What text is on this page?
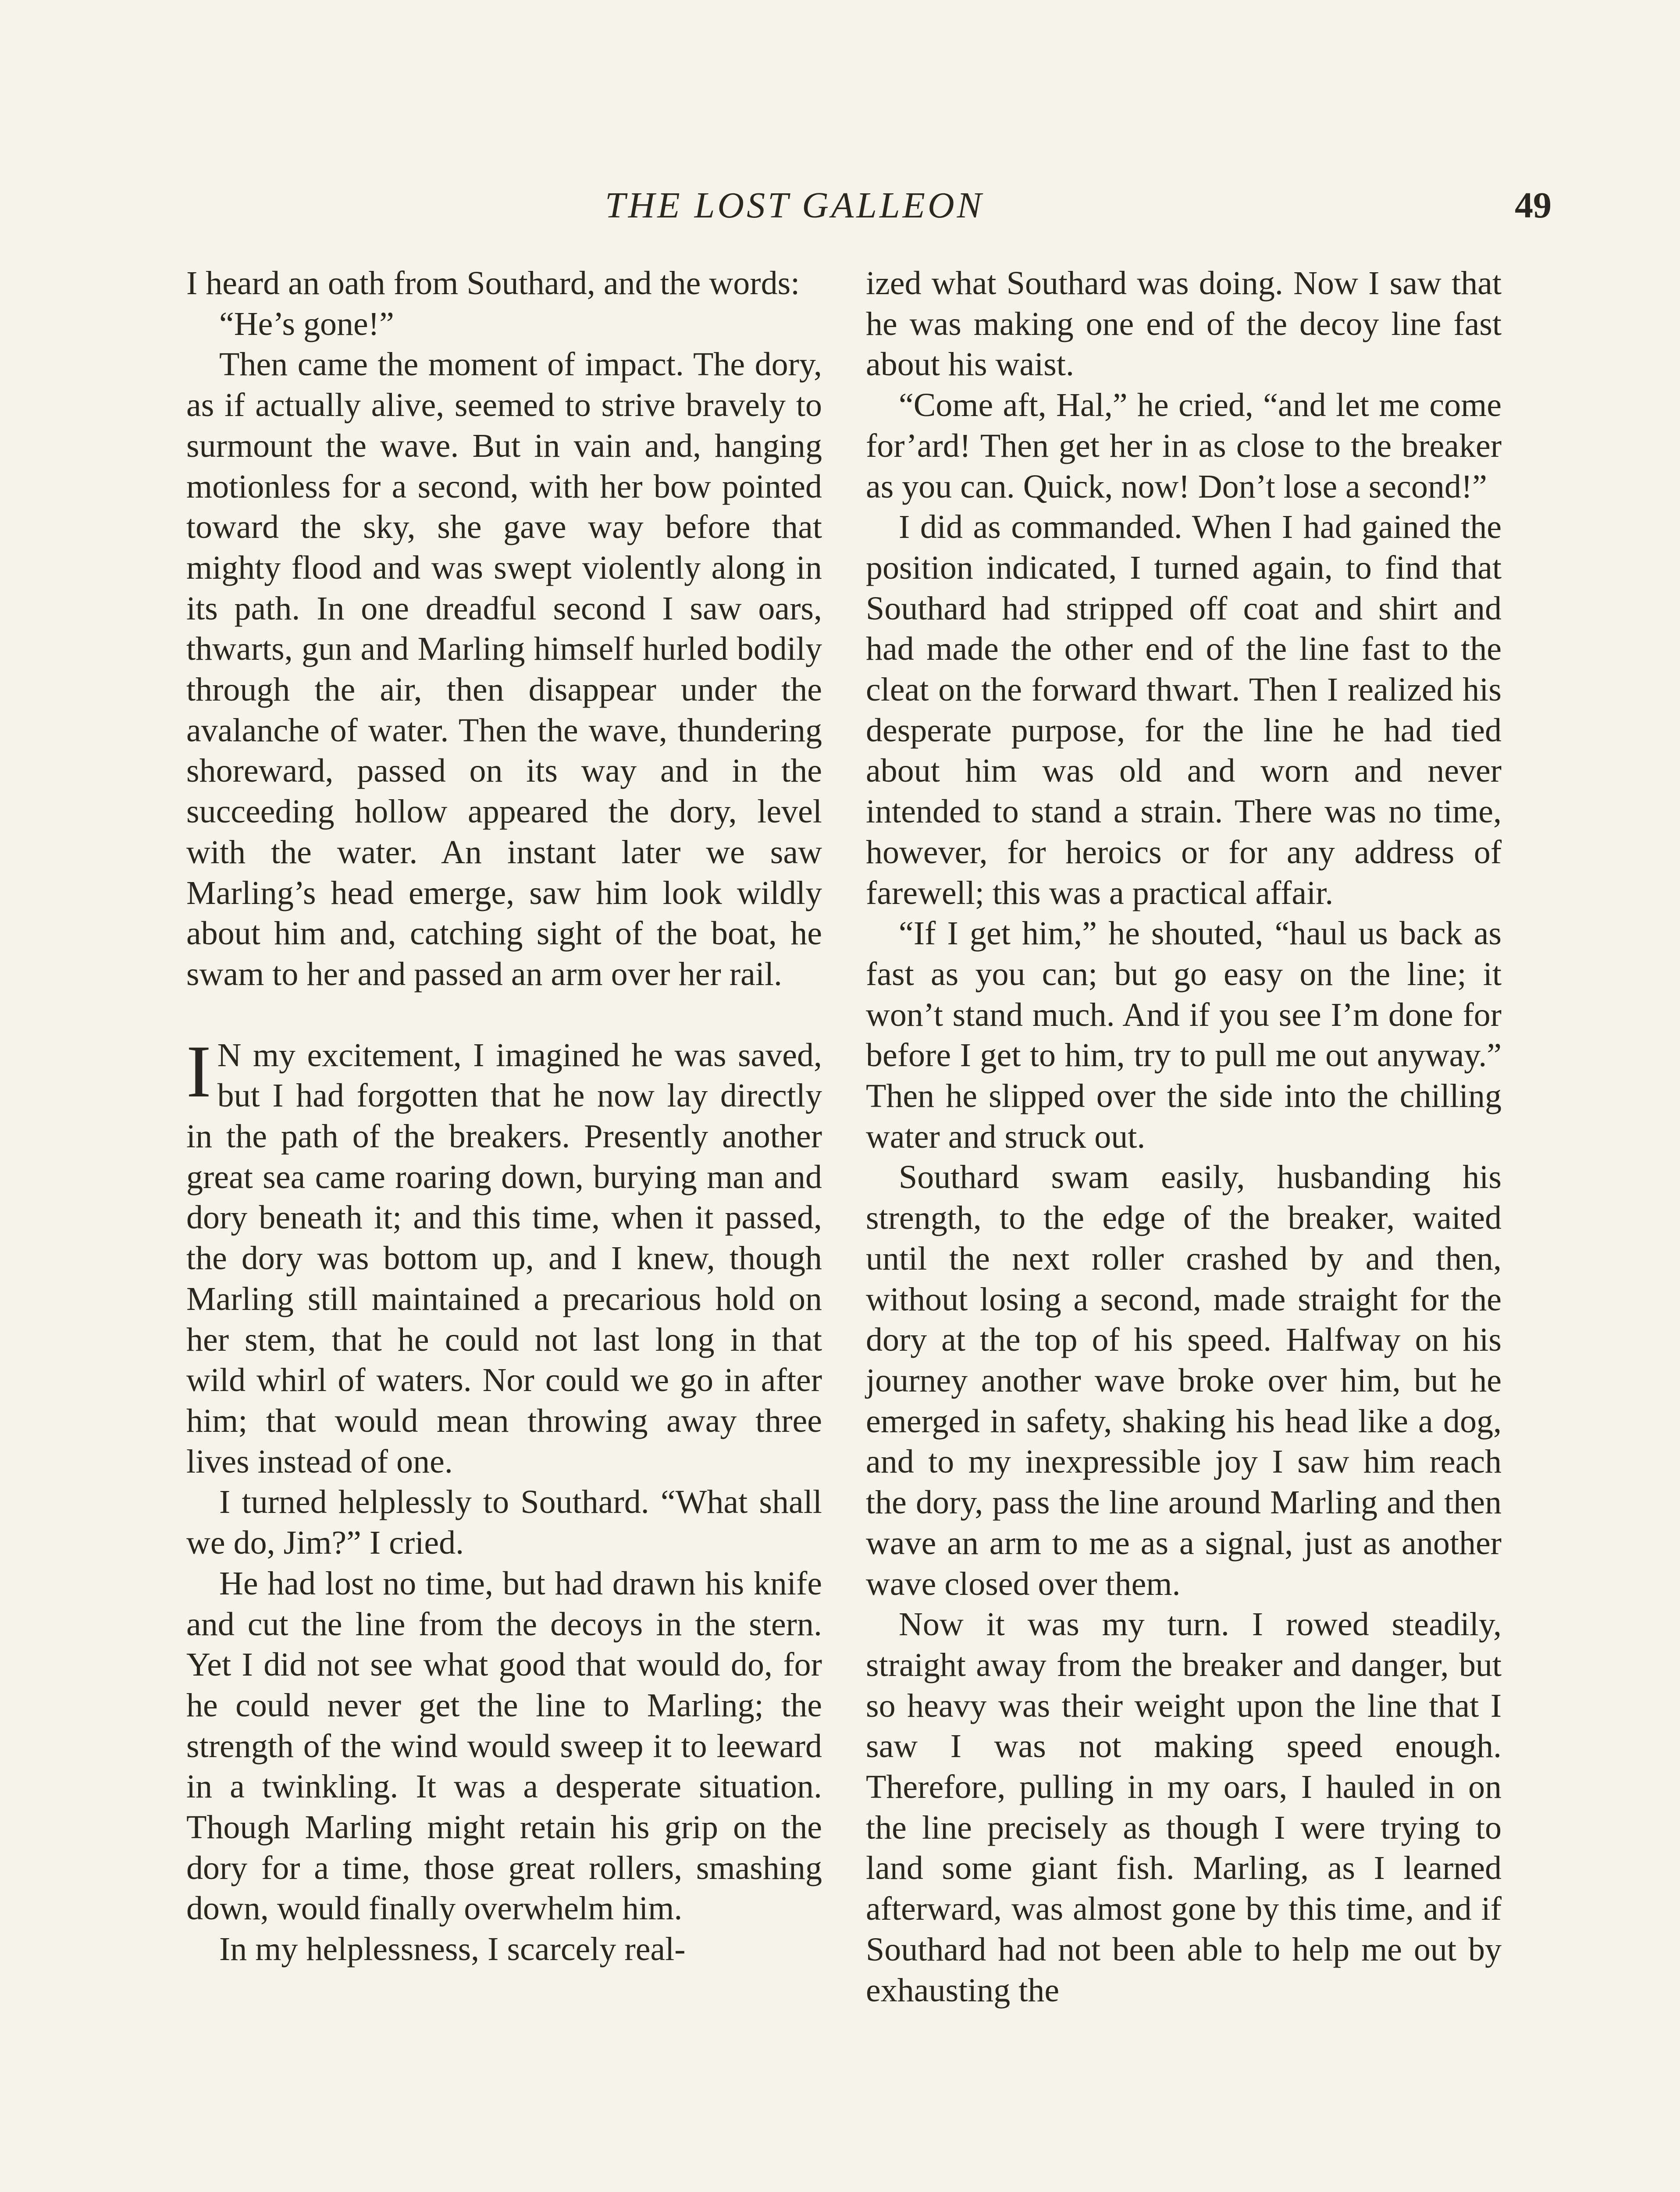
THE LOST GALLEON	49

I heard an oath from Southard, and the words:

“He’s gone!”

Then came the moment of impact. The dory, as if actually alive, seemed to strive bravely to surmount the wave. But in vain and, hanging motionless for a second, with her bow pointed toward the sky, she gave way before that mighty flood and was swept violently along in its path. In one dreadful second I saw oars, thwarts, gun and Marling himself hurled bodily through the air, then disappear under the avalanche of water. Then the wave, thundering shoreward, passed on its way and in the succeeding hollow appeared the dory, level with the water. An instant later we saw Marling’s head emerge, saw him look wildly about him and, catching sight of the boat, he swam to her and passed an arm over her rail.

I N my excitement, I imagined he was saved, but I had forgotten that he now lay directly in the path of the breakers. Presently another great sea came roaring down, burying man and dory beneath it; and this time, when it passed, the dory was bottom up, and I knew, though Marling still maintained a precarious hold on her stem, that he could not last long in that wild whirl of waters. Nor could we go in after him; that would mean throwing away three lives instead of one.

I turned helplessly to Southard. “What shall we do, Jim?” I cried.

He had lost no time, but had drawn his knife and cut the line from the decoys in the stern. Yet I did not see what good that would do, for he could never get the line to Marling; the strength of the wind would sweep it to leeward in a twinkling. It was a desperate situation. Though Marling might retain his grip on the dory for a time, those great rollers, smashing down, would finally overwhelm him.

In my helplessness, I scarcely real-

ized what Southard was doing. Now I saw that he was making one end of the decoy line fast about his waist.

“Come aft, Hal,” he cried, “and let me come for’ard! Then get her in as close to the breaker as you can. Quick, now! Don’t lose a second!”

I did as commanded. When I had gained the position indicated, I turned again, to find that Southard had stripped off coat and shirt and had made the other end of the line fast to the cleat on the forward thwart. Then I realized his desperate purpose, for the line he had tied about him was old and worn and never intended to stand a strain. There was no time, however, for heroics or for any address of farewell; this was a practical affair.

“If I get him,” he shouted, “haul us back as fast as you can; but go easy on the line; it won’t stand much. And if you see I’m done for before I get to him, try to pull me out anyway.” Then he slipped over the side into the chilling water and struck out.

Southard swam easily, husbanding his strength, to the edge of the breaker, waited until the next roller crashed by and then, without losing a second, made straight for the dory at the top of his speed. Halfway on his journey another wave broke over him, but he emerged in safety, shaking his head like a dog, and to my inexpressible joy I saw him reach the dory, pass the line around Marling and then wave an arm to me as a signal, just as another wave closed over them.

Now it was my turn. I rowed steadily, straight away from the breaker and danger, but so heavy was their weight upon the line that I saw I was not making speed enough. Therefore, pulling in my oars, I hauled in on the line precisely as though I were trying to land some giant fish. Marling, as I learned afterward, was almost gone by this time, and if Southard had not been able to help me out by exhausting the
